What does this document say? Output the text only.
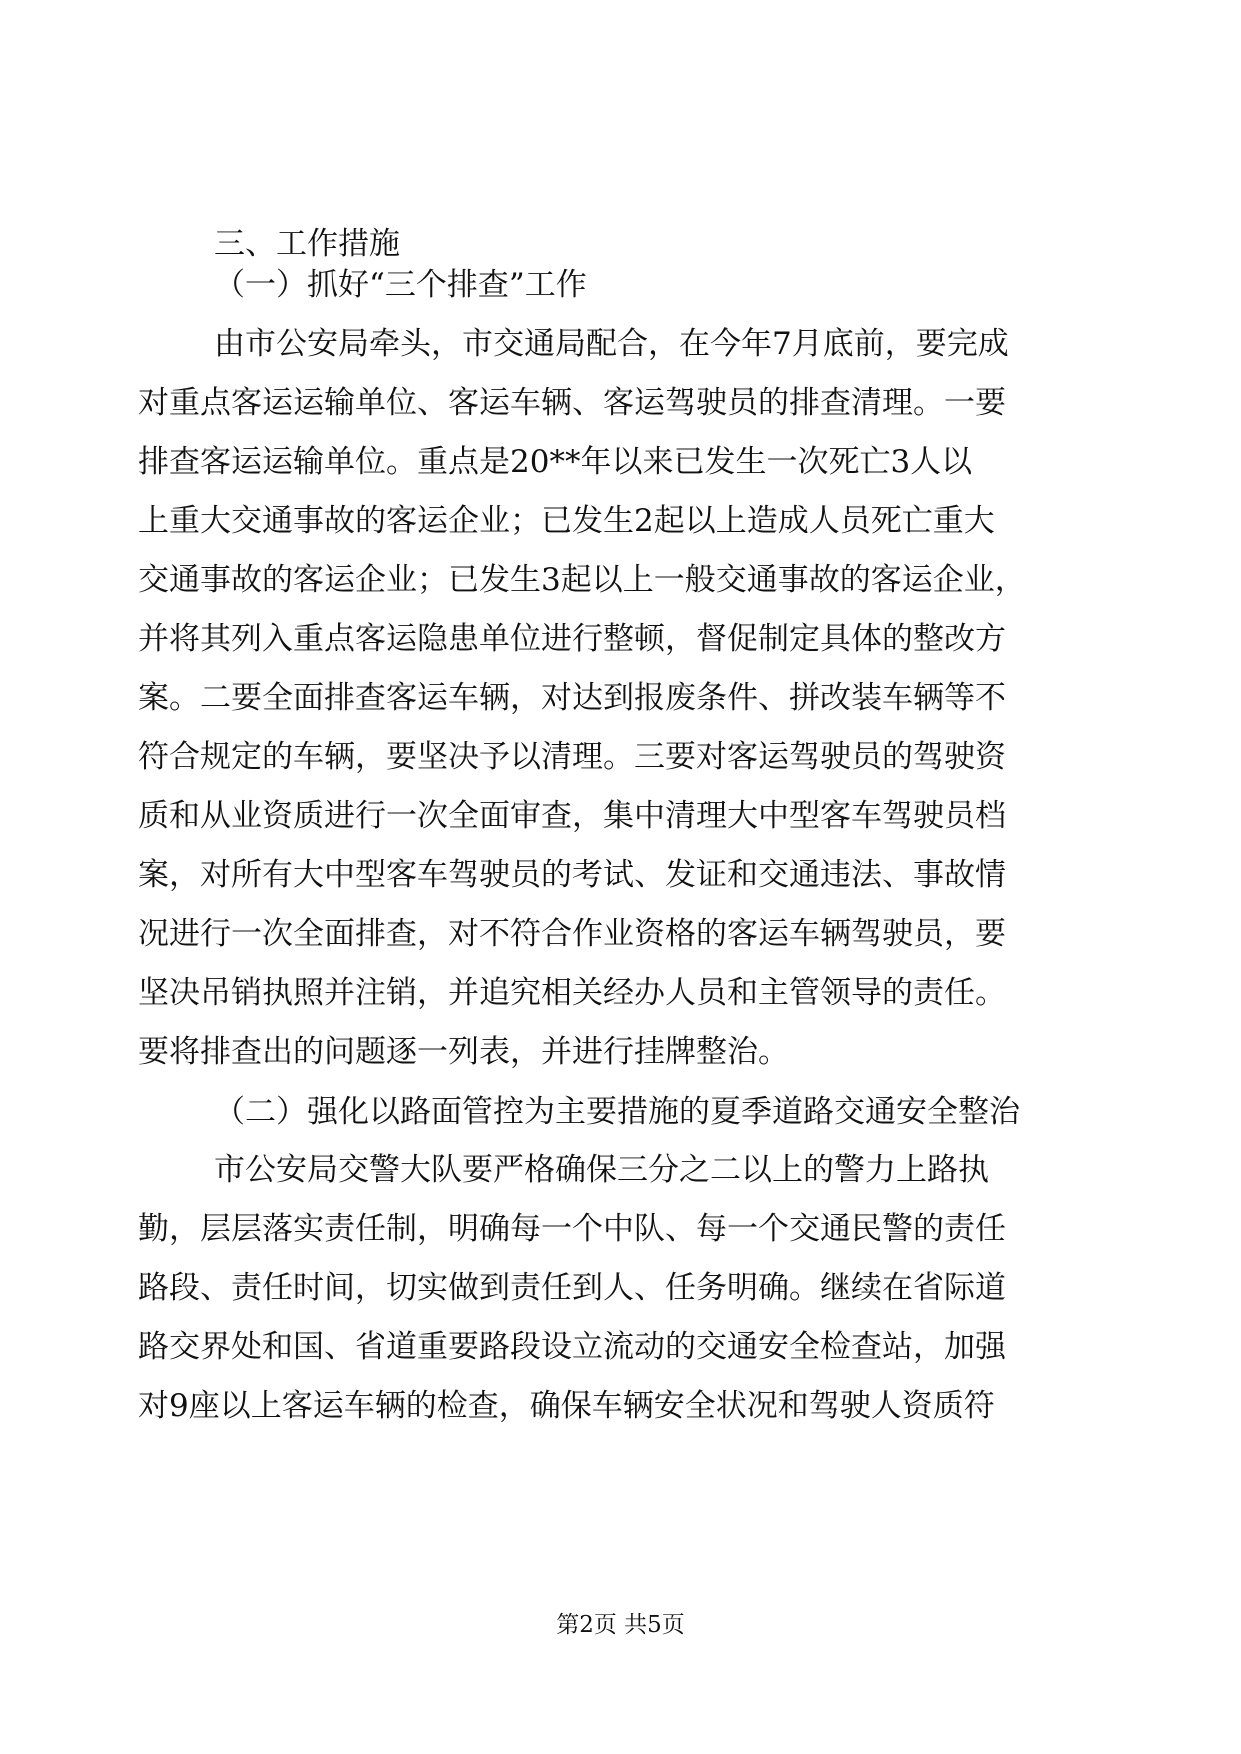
三、工作措施
（一）抓好“三个排查”工作
由市公安局牵头，市交通局配合，在今年7月底前，要完成
对重点客运运输单位、客运车辆、客运驾驶员的排查清理。一要
排查客运运输单位。重点是20**年以来已发生一次死亡3人以
上重大交通事故的客运企业；已发生2起以上造成人员死亡重大
交通事故的客运企业；已发生3起以上一般交通事故的客运企业，
并将其列入重点客运隐患单位进行整顿，督促制定具体的整改方
案。二要全面排查客运车辆，对达到报废条件、拼改装车辆等不
符合规定的车辆，要坚决予以清理。三要对客运驾驶员的驾驶资
质和从业资质进行一次全面审查，集中清理大中型客车驾驶员档
案，对所有大中型客车驾驶员的考试、发证和交通违法、事故情
况进行一次全面排查，对不符合作业资格的客运车辆驾驶员，要
坚决吊销执照并注销，并追究相关经办人员和主管领导的责任。
要将排查出的问题逐一列表，并进行挂牌整治。
（二）强化以路面管控为主要措施的夏季道路交通安全整治
市公安局交警大队要严格确保三分之二以上的警力上路执
勤，层层落实责任制，明确每一个中队、每一个交通民警的责任
路段、责任时间，切实做到责任到人、任务明确。继续在省际道
路交界处和国、省道重要路段设立流动的交通安全检查站，加强
对9座以上客运车辆的检查，确保车辆安全状况和驾驶人资质符
第2页 共5页
